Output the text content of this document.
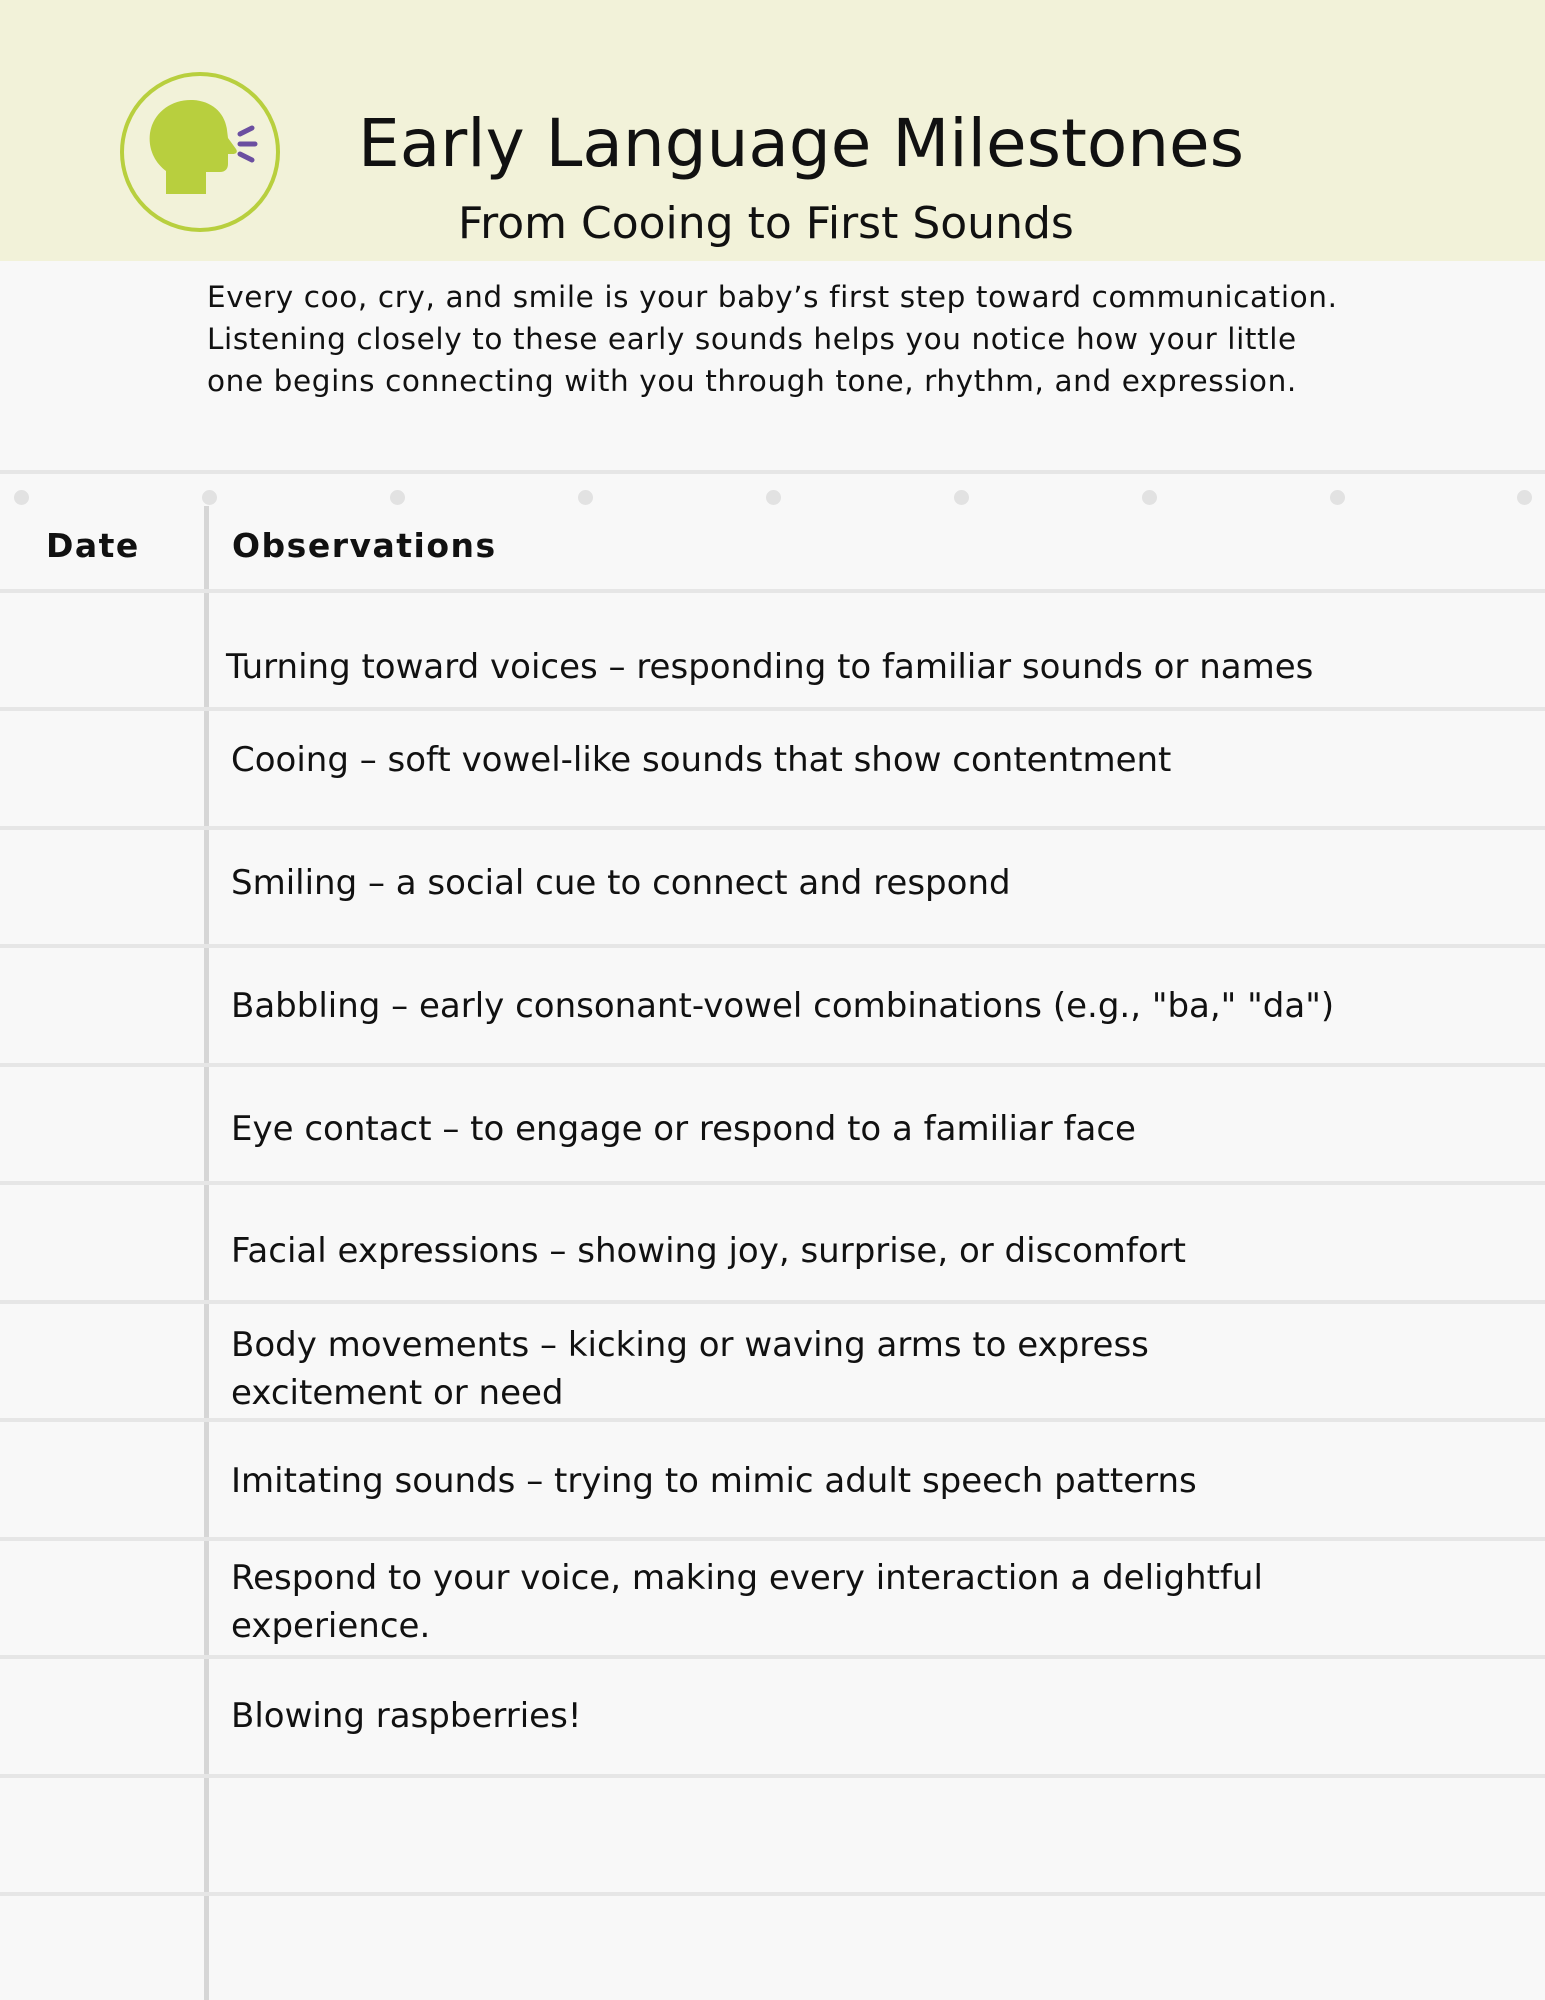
Early Language Milestones
From Cooing to First Sounds

Every coo, cry, and smile is your baby’s first step toward communication.

Listening closely to these early sounds helps you notice how your little

one begins connecting with you through tone, rhythm, and expression.

Date	Observations
Turning toward voices – responding to familiar sounds or names
Cooing – soft vowel-like sounds that show contentment
Smiling – a social cue to connect and respond
Babbling – early consonant-vowel combinations (e.g., "ba," "da")
Eye contact – to engage or respond to a familiar face
Facial expressions – showing joy, surprise, or discomfort
Body movements – kicking or waving arms to express excitement or need
Imitating sounds – trying to mimic adult speech patterns
Respond to your voice, making every interaction a delightful experience.
Blowing raspberries!
